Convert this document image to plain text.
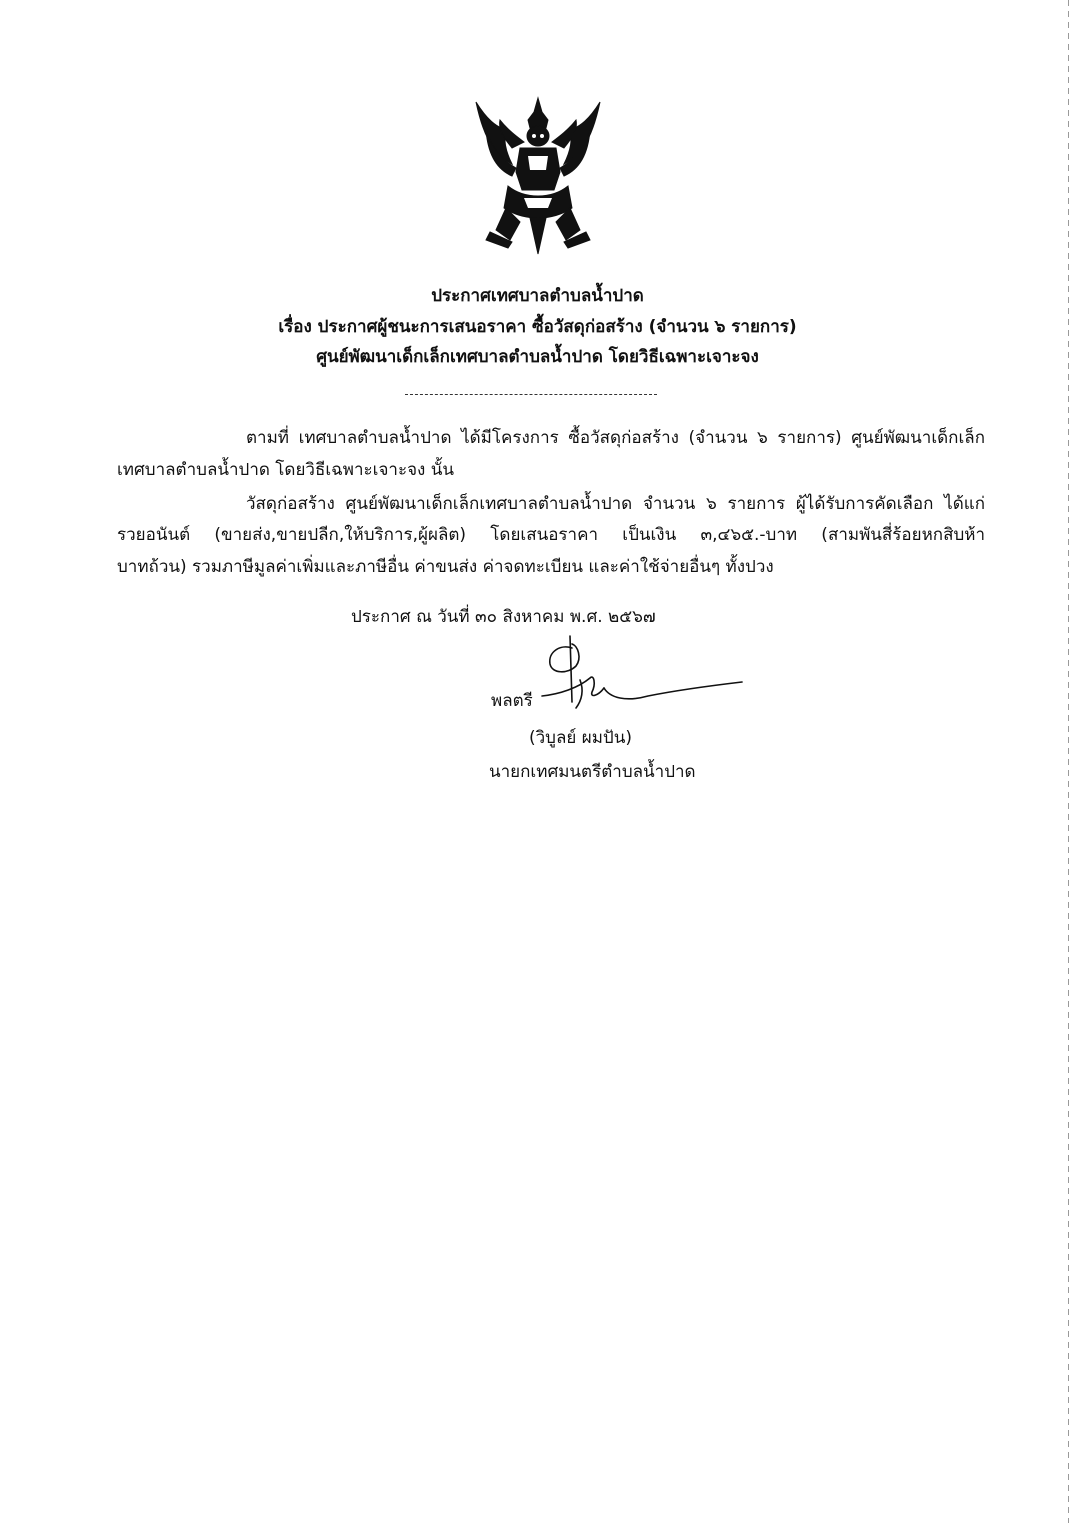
ประกาศเทศบาลตำบลน้ำปาด
เรื่อง ประกาศผู้ชนะการเสนอราคา ซื้อวัสดุก่อสร้าง (จำนวน ๖ รายการ)
ศูนย์พัฒนาเด็กเล็กเทศบาลตำบลน้ำปาด โดยวิธีเฉพาะเจาะจง
ตามที่ เทศบาลตำบลน้ำปาด ได้มีโครงการ ซื้อวัสดุก่อสร้าง (จำนวน ๖ รายการ) ศูนย์พัฒนาเด็กเล็ก
เทศบาลตำบลน้ำปาด โดยวิธีเฉพาะเจาะจง นั้น
วัสดุก่อสร้าง ศูนย์พัฒนาเด็กเล็กเทศบาลตำบลน้ำปาด จำนวน ๖ รายการ ผู้ได้รับการคัดเลือก ได้แก่
รวยอนันต์ (ขายส่ง,ขายปลีก,ให้บริการ,ผู้ผลิต) โดยเสนอราคา เป็นเงิน ๓,๔๖๕.-บาท (สามพันสี่ร้อยหกสิบห้า
บาทถ้วน) รวมภาษีมูลค่าเพิ่มและภาษีอื่น ค่าขนส่ง ค่าจดทะเบียน และค่าใช้จ่ายอื่นๆ ทั้งปวง
ประกาศ ณ วันที่ ๓๐ สิงหาคม พ.ศ. ๒๕๖๗
พลตรี
(วิบูลย์ ผมปัน)
นายกเทศมนตรีตำบลน้ำปาด
